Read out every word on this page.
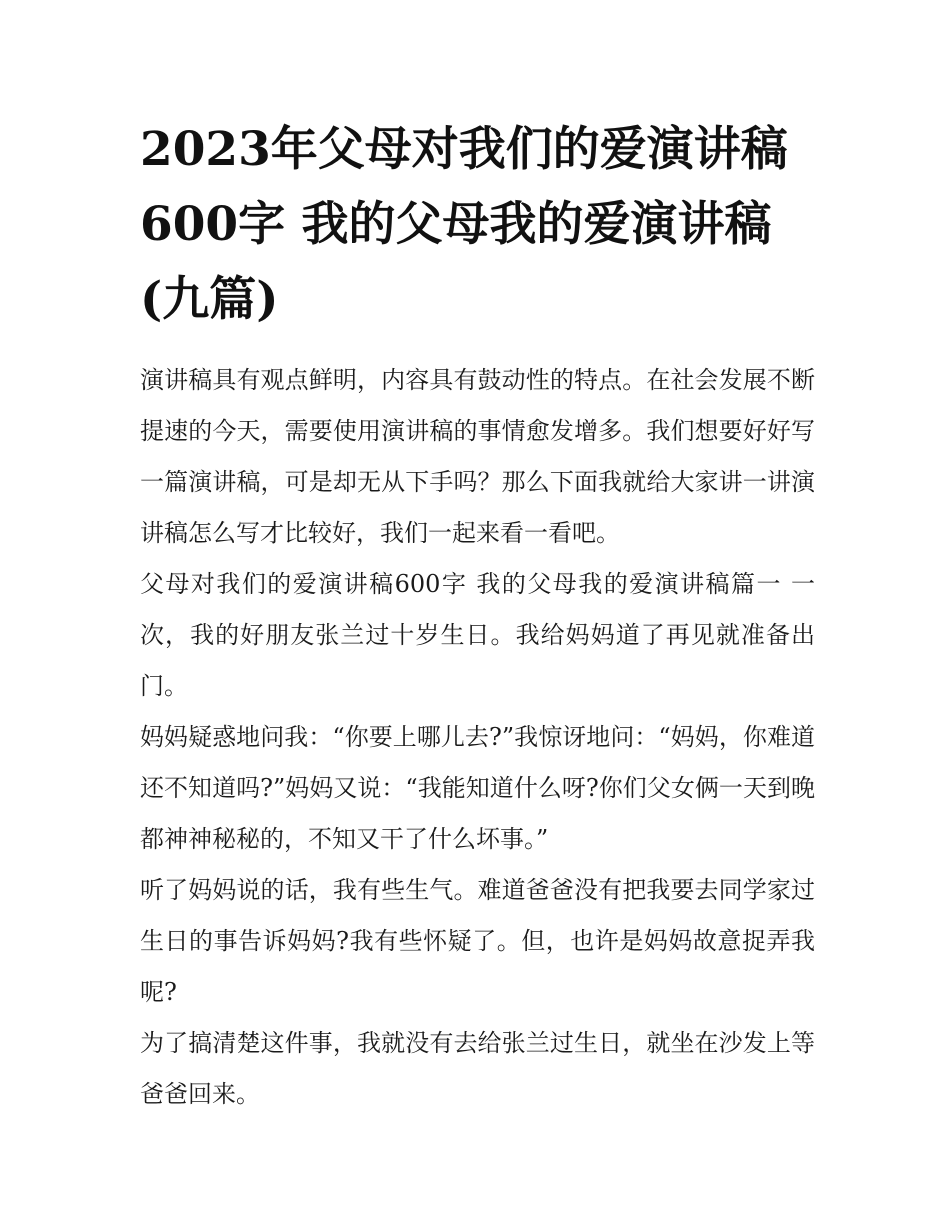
2023年父母对我们的爱演讲稿600字 我的父母我的爱演讲稿(九篇)

演讲稿具有观点鲜明，内容具有鼓动性的特点。在社会发展不断提速的今天，需要使用演讲稿的事情愈发增多。我们想要好好写一篇演讲稿，可是却无从下手吗？那么下面我就给大家讲一讲演讲稿怎么写才比较好，我们一起来看一看吧。

父母对我们的爱演讲稿600字 我的父母我的爱演讲稿篇一 一次，我的好朋友张兰过十岁生日。我给妈妈道了再见就准备出门。

妈妈疑惑地问我：“你要上哪儿去?”我惊讶地问：“妈妈，你难道还不知道吗?”妈妈又说：“我能知道什么呀?你们父女俩一天到晚都神神秘秘的，不知又干了什么坏事。”

听了妈妈说的话，我有些生气。难道爸爸没有把我要去同学家过生日的事告诉妈妈?我有些怀疑了。但，也许是妈妈故意捉弄我呢?

为了搞清楚这件事，我就没有去给张兰过生日，就坐在沙发上等爸爸回来。
